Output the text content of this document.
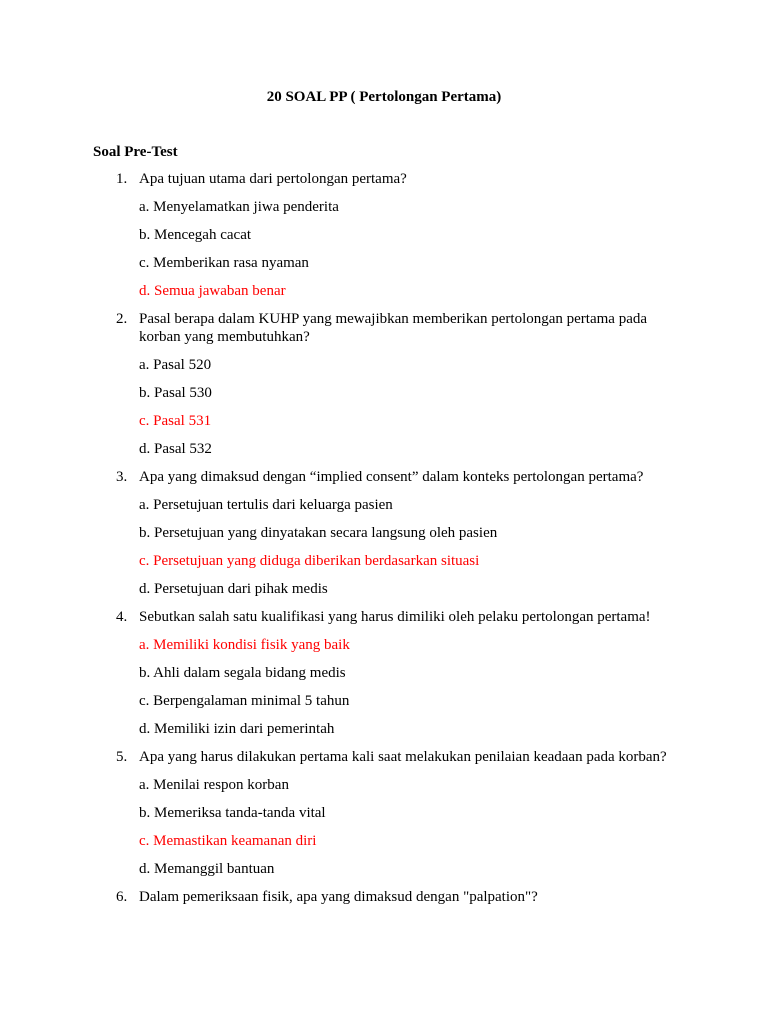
20 SOAL PP ( Pertolongan Pertama)
Soal Pre-Test
1. Apa tujuan utama dari pertolongan pertama?
a. Menyelamatkan jiwa penderita
b. Mencegah cacat
c. Memberikan rasa nyaman
d. Semua jawaban benar
2. Pasal berapa dalam KUHP yang mewajibkan memberikan pertolongan pertama pada korban yang membutuhkan?
a. Pasal 520
b. Pasal 530
c. Pasal 531
d. Pasal 532
3. Apa yang dimaksud dengan “implied consent” dalam konteks pertolongan pertama?
a. Persetujuan tertulis dari keluarga pasien
b. Persetujuan yang dinyatakan secara langsung oleh pasien
c. Persetujuan yang diduga diberikan berdasarkan situasi
d. Persetujuan dari pihak medis
4. Sebutkan salah satu kualifikasi yang harus dimiliki oleh pelaku pertolongan pertama!
a. Memiliki kondisi fisik yang baik
b. Ahli dalam segala bidang medis
c. Berpengalaman minimal 5 tahun
d. Memiliki izin dari pemerintah
5. Apa yang harus dilakukan pertama kali saat melakukan penilaian keadaan pada korban?
a. Menilai respon korban
b. Memeriksa tanda-tanda vital
c. Memastikan keamanan diri
d. Memanggil bantuan
6. Dalam pemeriksaan fisik, apa yang dimaksud dengan "palpation"?
